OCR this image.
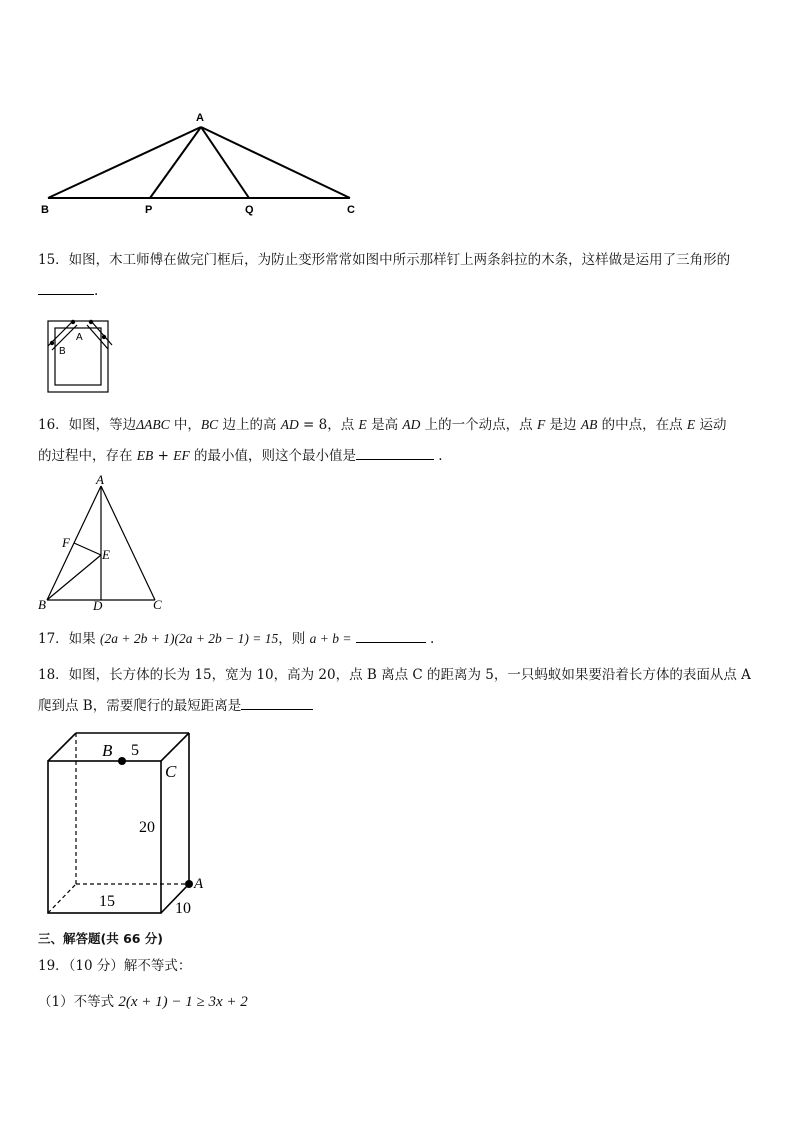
A
B	P	Q	C
15．如图，木工师傅在做完门框后，为防止变形常常如图中所示那样钉上两条斜拉的木条，这样做是运用了三角形的
.
A
B
16．如图，等边ΔABC 中，BC 边上的高 AD = 8，点 E 是高 AD 上的一个动点，点 F 是边 AB 的中点，在点 E 运动
的过程中，存在 EB + EF 的最小值，则这个最小值是	.
A
F
E
B	D	C
17．如果 (2a + 2b + 1)(2a + 2b − 1) = 15，则 a + b =	.
18．如图，长方体的长为 15，宽为 10，高为 20，点 B 离点 C 的距离为 5，一只蚂蚁如果要沿着长方体的表面从点 A
爬到点 B，需要爬行的最短距离是
B 5
C
20
A
15	10
三、解答题(共 66 分)
19．（10 分）解不等式：
（1）不等式 2(x + 1) − 1 ≥ 3x + 2
